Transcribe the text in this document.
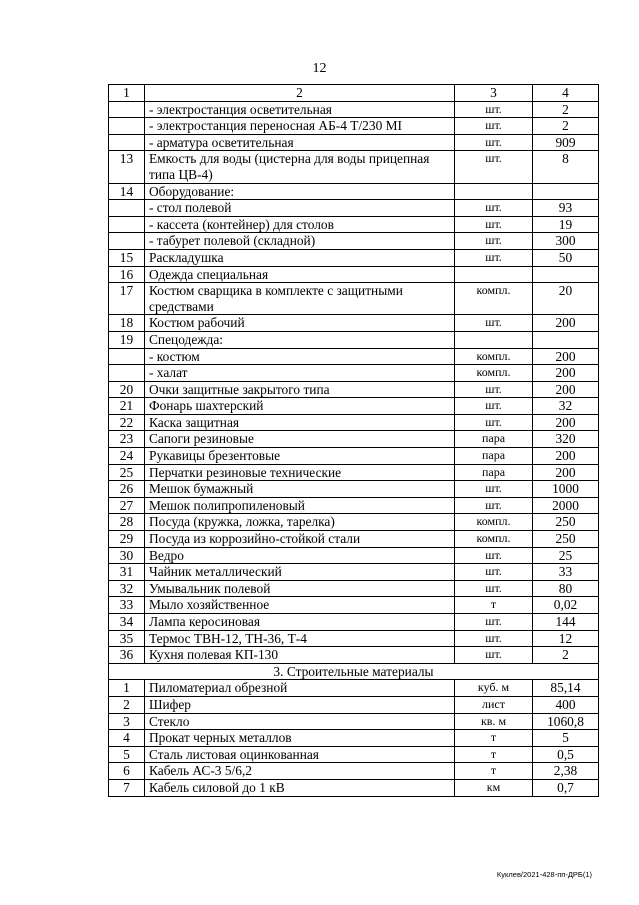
12
1	2	3	4
	- электростанция осветительная	шт.	2
	- электростанция переносная АБ-4 Т/230 МI	шт.	2
	- арматура осветительная	шт.	909
13	Емкость для воды (цистерна для воды прицепная типа ЦВ-4)	шт.	8
14	Оборудование:		
	- стол полевой	шт.	93
	- кассета (контейнер) для столов	шт.	19
	- табурет полевой (складной)	шт.	300
15	Раскладушка	шт.	50
16	Одежда специальная		
17	Костюм сварщика в комплекте с защитными средствами	компл.	20
18	Костюм рабочий	шт.	200
19	Спецодежда:		
	- костюм	компл.	200
	- халат	компл.	200
20	Очки защитные закрытого типа	шт.	200
21	Фонарь шахтерский	шт.	32
22	Каска защитная	шт.	200
23	Сапоги резиновые	пара	320
24	Рукавицы брезентовые	пара	200
25	Перчатки резиновые технические	пара	200
26	Мешок бумажный	шт.	1000
27	Мешок полипропиленовый	шт.	2000
28	Посуда (кружка, ложка, тарелка)	компл.	250
29	Посуда из коррозийно-стойкой стали	компл.	250
30	Ведро	шт.	25
31	Чайник металлический	шт.	33
32	Умывальник полевой	шт.	80
33	Мыло хозяйственное	т	0,02
34	Лампа керосиновая	шт.	144
35	Термос ТВН-12, ТН-36, Т-4	шт.	12
36	Кухня полевая КП-130	шт.	2
3. Строительные материалы			
1	Пиломатериал обрезной	куб. м	85,14
2	Шифер	лист	400
3	Стекло	кв. м	1060,8
4	Прокат черных металлов	т	5
5	Сталь листовая оцинкованная	т	0,5
6	Кабель АС-3 5/6,2	т	2,38
7	Кабель силовой до 1 кВ	км	0,7
Куклев/2021-428-пп-ДРБ(1)
